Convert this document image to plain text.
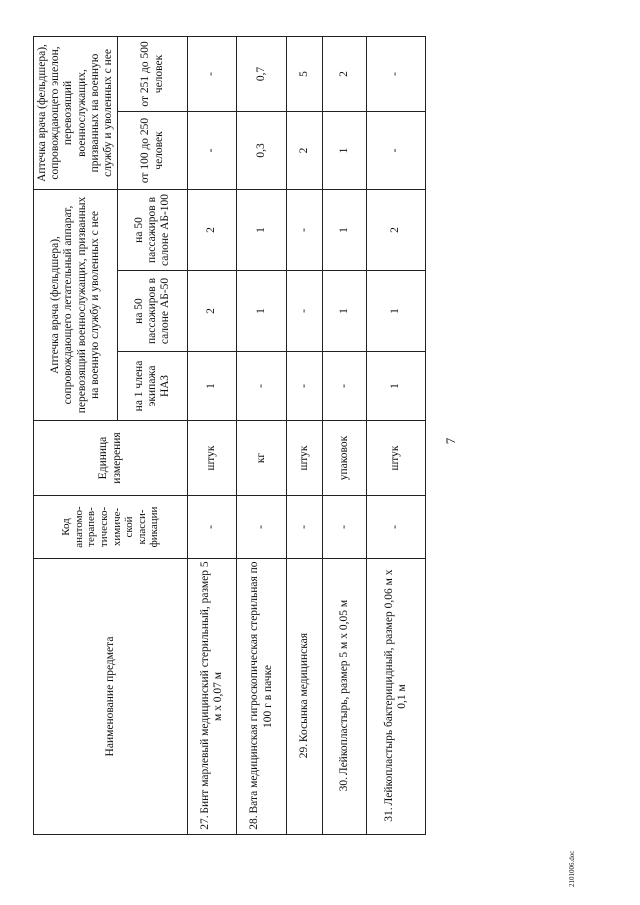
7
Наименование предмета	Код анатомо-терапев-тическо-химиче-ской класси-фикации	Единица измерения	Аптечка врача (фельдшера), сопровождающего летательный аппарат, перевозящий военнослужащих, призванных на военную службу и уволенных с нее			Аптечка врача (фельдшера), сопровождающего эшелон, перевозящий военнослужащих, призванных на военную службу и уволенных с нее	
			на 1 члена экипажа НАЗ	на 50 пассажиров в салоне АБ-50	на 50 пассажиров в салоне АБ-100	от 100 до 250 человек	от 251 до 500 человек
27.Бинт марлевый медицинский стерильный, размер 5 м х 0,07 м	-	штук	1	2	2	-	-
28.Вата медицинская гигроскопическая стерильная по 100 г в пачке	-	кг	-	1	1	0,3	0,7
29.Косынка медицинская	-	штук	-	-	-	2	5
30.Лейкопластырь, размер 5 м х 0,05 м	-	упаковок	-	1	1	1	2
31.Лейкопластырь бактерицидный, размер 0,06 м х 0,1 м	-	штук	1	1	2	-	-
2101006.doc
